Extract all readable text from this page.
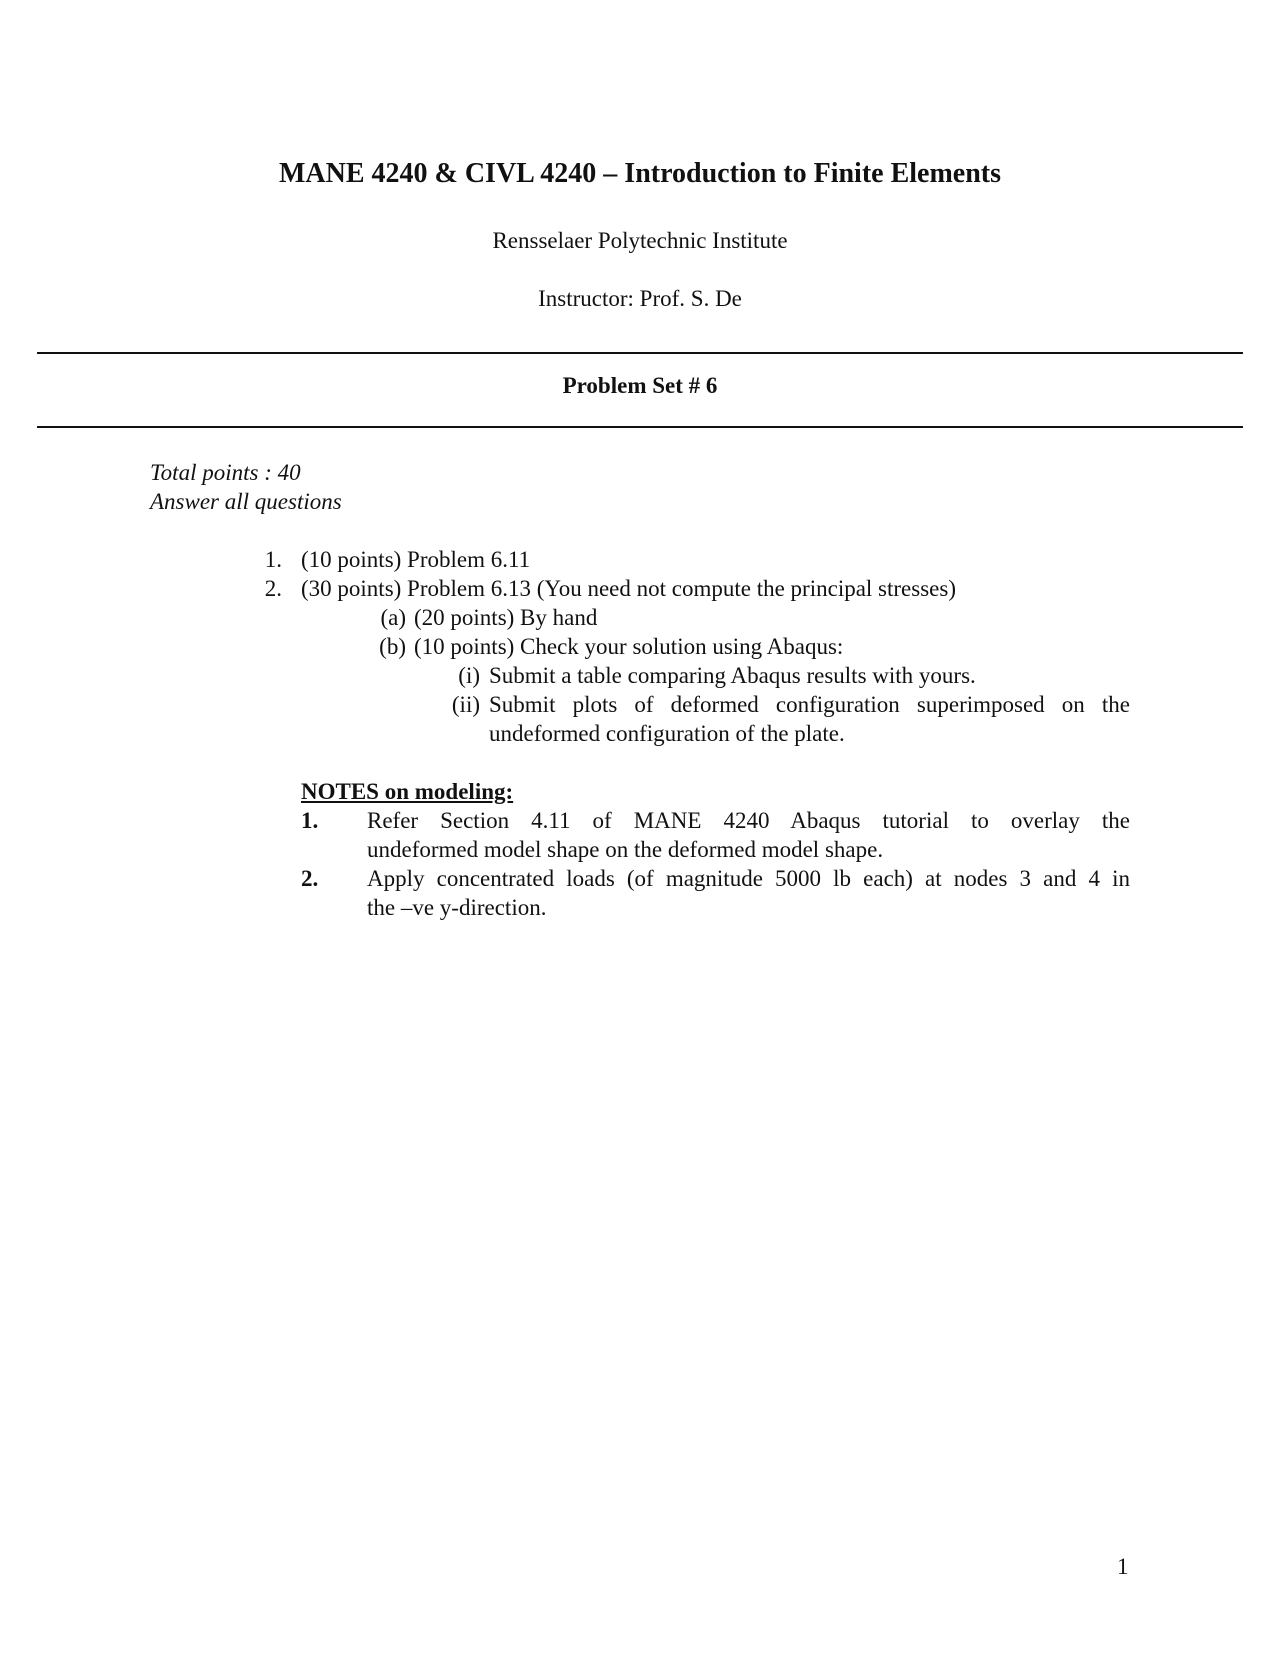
MANE 4240 & CIVL 4240 – Introduction to Finite Elements
Rensselaer Polytechnic Institute
Instructor: Prof. S. De
Problem Set # 6
Total points : 40
Answer all questions
1. (10 points) Problem 6.11
2. (30 points) Problem 6.13 (You need not compute the principal stresses)
(a) (20 points) By hand
(b) (10 points) Check your solution using Abaqus:
(i) Submit a table comparing Abaqus results with yours.
(ii) Submit plots of deformed configuration superimposed on the
undeformed configuration of the plate.
NOTES on modeling:
1. Refer Section 4.11 of MANE 4240 Abaqus tutorial to overlay the
undeformed model shape on the deformed model shape.
2. Apply concentrated loads (of magnitude 5000 lb each) at nodes 3 and 4 in
the –ve y-direction.
1
